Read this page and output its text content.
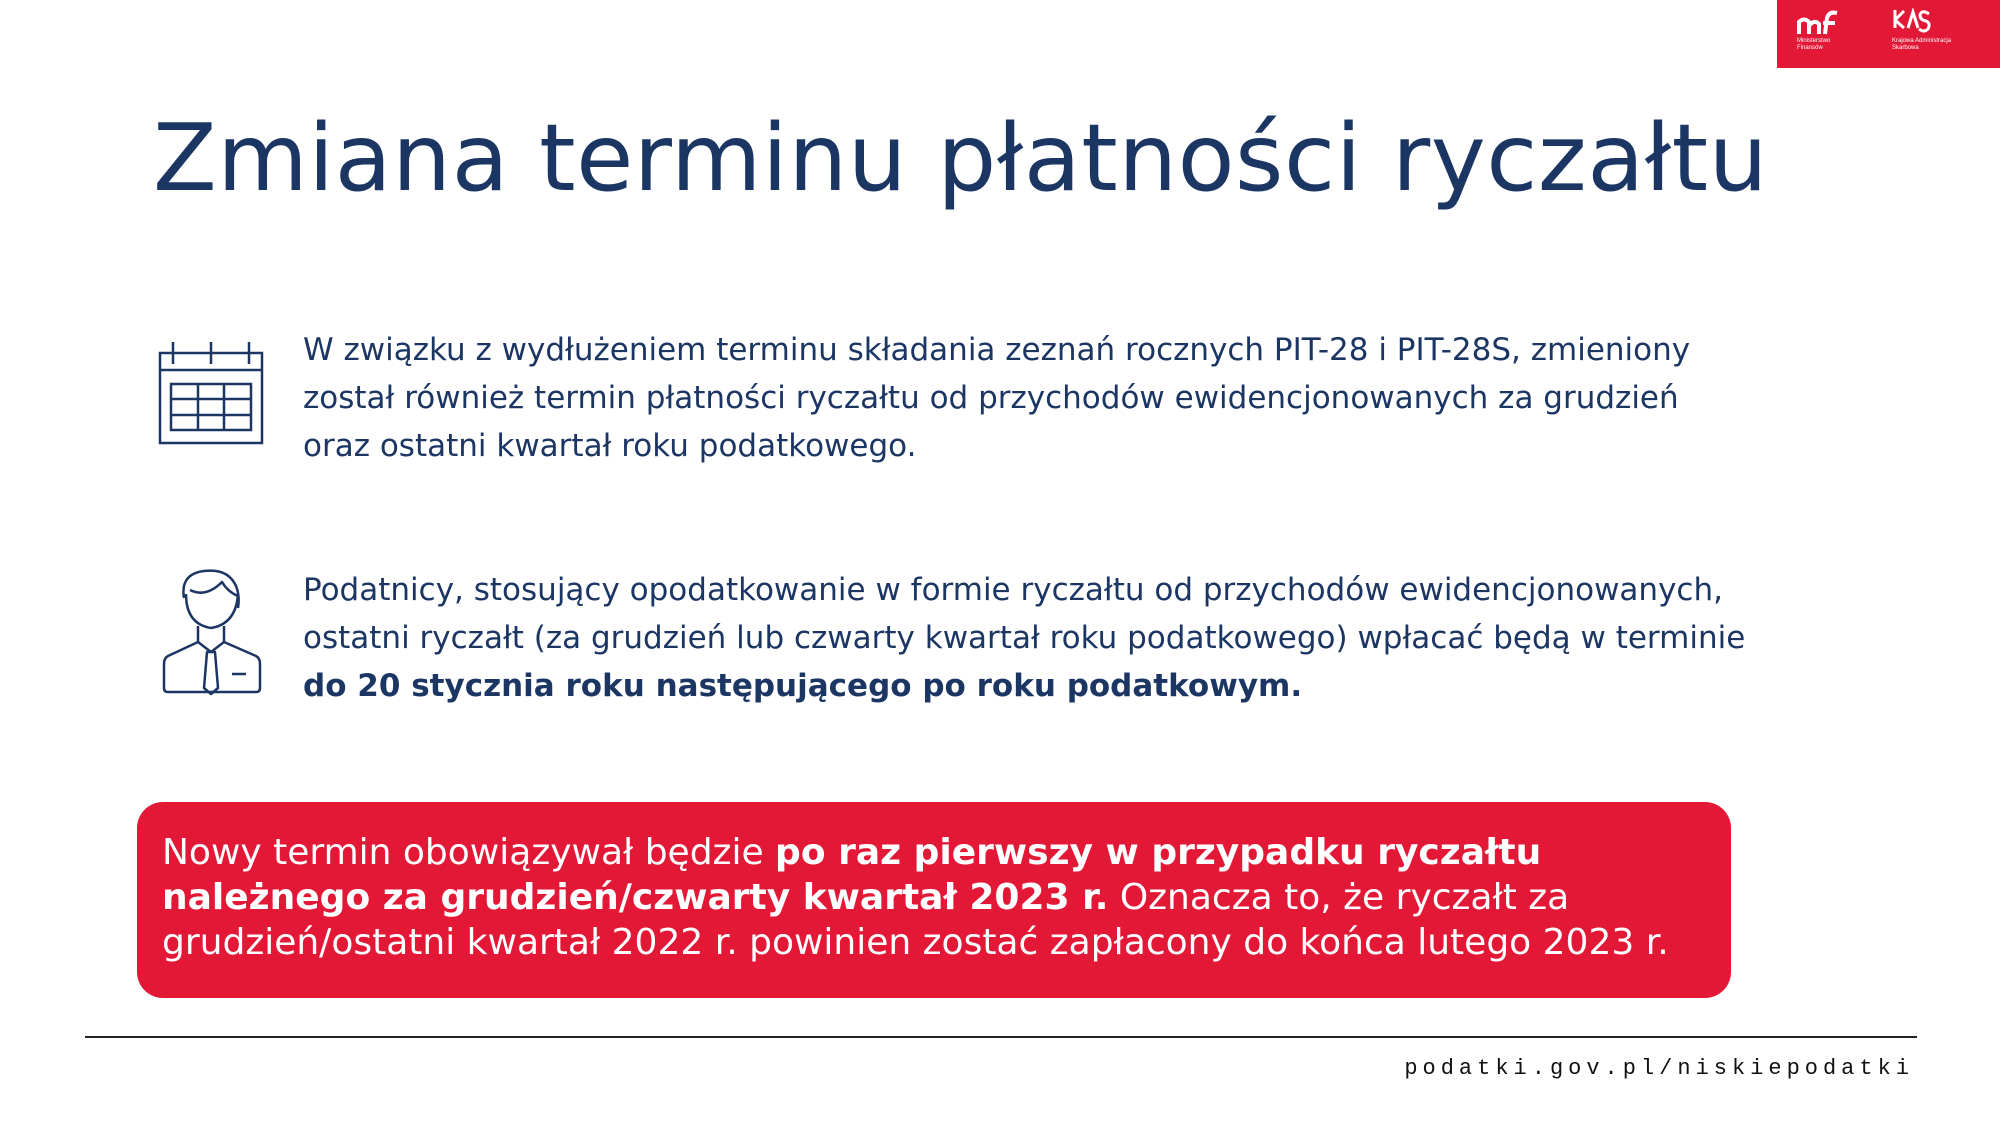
Ministerstwo
Finansów
Krajowa Administracja
Skarbowa
Zmiana terminu płatności ryczałtu

W związku z wydłużeniem terminu składania zeznań rocznych PIT-28 i PIT-28S, zmieniony został również termin płatności ryczałtu od przychodów ewidencjonowanych za grudzień oraz ostatni kwartał roku podatkowego.

Podatnicy, stosujący opodatkowanie w formie ryczałtu od przychodów ewidencjonowanych, ostatni ryczałt (za grudzień lub czwarty kwartał roku podatkowego) wpłacać będą w terminie do 20 stycznia roku następującego po roku podatkowym.

Nowy termin obowiązywał będzie po raz pierwszy w przypadku ryczałtu należnego za grudzień/czwarty kwartał 2023 r. Oznacza to, że ryczałt za grudzień/ostatni kwartał 2022 r. powinien zostać zapłacony do końca lutego 2023 r.
podatki.gov.pl/niskiepodatki
